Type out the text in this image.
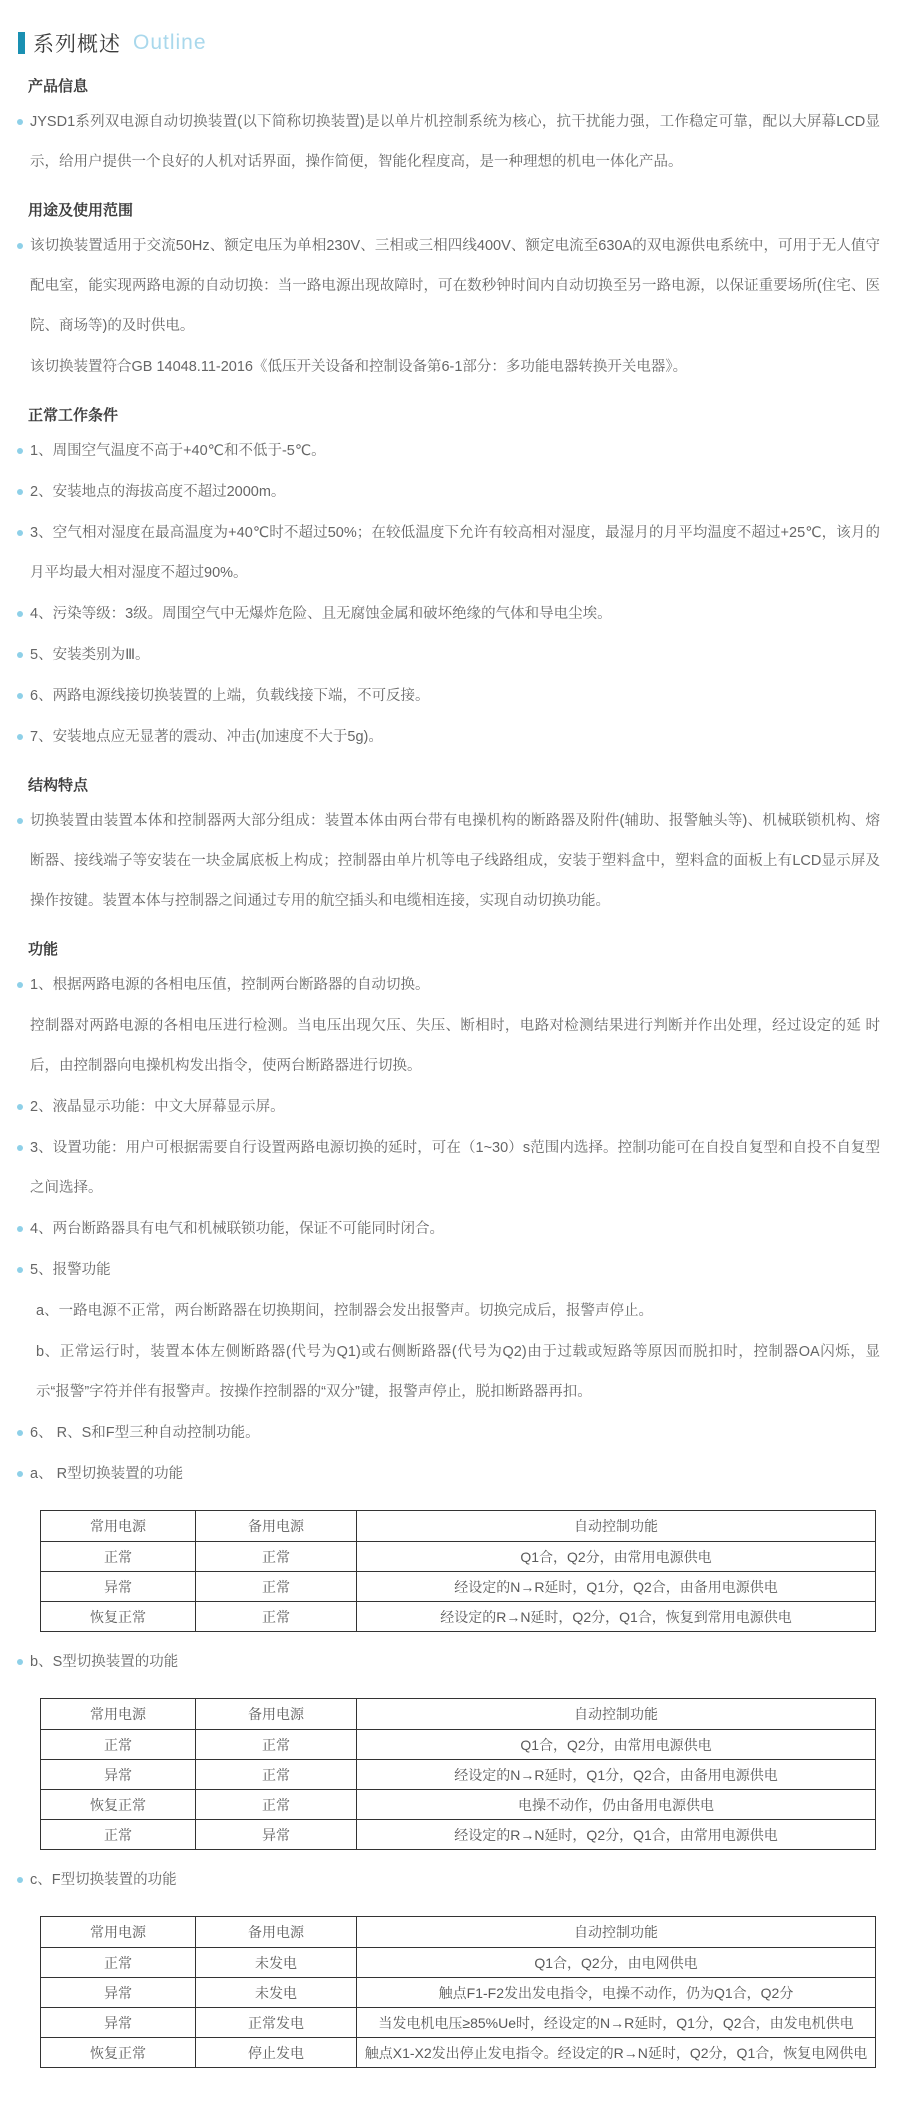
系列概述 Outline
产品信息
JYSD1系列双电源自动切换装置(以下简称切换装置)是以单片机控制系统为核心，抗干扰能力强，工作稳定可靠，配以大屏幕LCD显示，给用户提供一个良好的人机对话界面，操作简便，智能化程度高，是一种理想的机电一体化产品。
用途及使用范围
该切换装置适用于交流50Hz、额定电压为单相230V、三相或三相四线400V、额定电流至630A的双电源供电系统中，可用于无人值守配电室，能实现两路电源的自动切换：当一路电源出现故障时，可在数秒钟时间内自动切换至另一路电源，以保证重要场所(住宅、医院、商场等)的及时供电。
该切换装置符合GB 14048.11-2016《低压开关设备和控制设备第6-1部分：多功能电器转换开关电器》。
正常工作条件
1、周围空气温度不高于+40℃和不低于-5℃。
2、安装地点的海拔高度不超过2000m。
3、空气相对湿度在最高温度为+40℃时不超过50%；在较低温度下允许有较高相对湿度，最湿月的月平均温度不超过+25℃，该月的月平均最大相对湿度不超过90%。
4、污染等级：3级。周围空气中无爆炸危险、且无腐蚀金属和破坏绝缘的气体和导电尘埃。
5、安装类别为Ⅲ。
6、两路电源线接切换装置的上端，负载线接下端，不可反接。
7、安装地点应无显著的震动、冲击(加速度不大于5g)。
结构特点
切换装置由装置本体和控制器两大部分组成：装置本体由两台带有电操机构的断路器及附件(辅助、报警触头等)、机械联锁机构、熔断器、接线端子等安装在一块金属底板上构成；控制器由单片机等电子线路组成，安装于塑料盒中，塑料盒的面板上有LCD显示屏及操作按键。装置本体与控制器之间通过专用的航空插头和电缆相连接，实现自动切换功能。
功能
1、根据两路电源的各相电压值，控制两台断路器的自动切换。
控制器对两路电源的各相电压进行检测。当电压出现欠压、失压、断相时，电路对检测结果进行判断并作出处理，经过设定的延 时后，由控制器向电操机构发出指令，使两台断路器进行切换。
2、液晶显示功能：中文大屏幕显示屏。
3、设置功能：用户可根据需要自行设置两路电源切换的延时，可在（1~30）s范围内选择。控制功能可在自投自复型和自投不自复型之间选择。
4、两台断路器具有电气和机械联锁功能，保证不可能同时闭合。
5、报警功能
a、一路电源不正常，两台断路器在切换期间，控制器会发出报警声。切换完成后，报警声停止。
b、正常运行时，装置本体左侧断路器(代号为Q1)或右侧断路器(代号为Q2)由于过载或短路等原因而脱扣时，控制器OA闪烁，显示“报警”字符并伴有报警声。按操作控制器的“双分”键，报警声停止，脱扣断路器再扣。
6、 R、S和F型三种自动控制功能。
a、 R型切换装置的功能
常用电源	备用电源	自动控制功能
正常	正常	Q1合，Q2分，由常用电源供电
异常	正常	经设定的N→R延时，Q1分，Q2合，由备用电源供电
恢复正常	正常	经设定的R→N延时，Q2分，Q1合，恢复到常用电源供电
b、S型切换装置的功能
常用电源	备用电源	自动控制功能
正常	正常	Q1合，Q2分，由常用电源供电
异常	正常	经设定的N→R延时，Q1分，Q2合，由备用电源供电
恢复正常	正常	电操不动作，仍由备用电源供电
正常	异常	经设定的R→N延时，Q2分，Q1合，由常用电源供电
c、F型切换装置的功能
常用电源	备用电源	自动控制功能
正常	未发电	Q1合，Q2分，由电网供电
异常	未发电	触点F1-F2发出发电指令，电操不动作，仍为Q1合，Q2分
异常	正常发电	当发电机电压≥85%Ue时，经设定的N→R延时，Q1分，Q2合，由发电机供电
恢复正常	停止发电	触点X1-X2发出停止发电指令。经设定的R→N延时，Q2分，Q1合，恢复电网供电
